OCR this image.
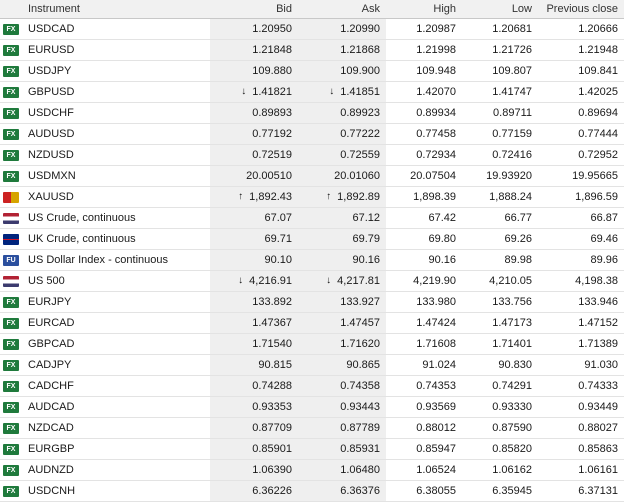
	Instrument	Bid	Ask	High	Low	Previous close
FX	USDCAD	1.20950	1.20990	1.20987	1.20681	1.20666
FX	EURUSD	1.21848	1.21868	1.21998	1.21726	1.21948
FX	USDJPY	109.880	109.900	109.948	109.807	109.841
FX	GBPUSD	↓ 1.41821	↓ 1.41851	1.42070	1.41747	1.42025
FX	USDCHF	0.89893	0.89923	0.89934	0.89711	0.89694
FX	AUDUSD	0.77192	0.77222	0.77458	0.77159	0.77444
FX	NZDUSD	0.72519	0.72559	0.72934	0.72416	0.72952
FX	USDMXN	20.00510	20.01060	20.07504	19.93920	19.95665
	XAUUSD	↑ 1,892.43	↑ 1,892.89	1,898.39	1,888.24	1,896.59
	US Crude, continuous	67.07	67.12	67.42	66.77	66.87
	UK Crude, continuous	69.71	69.79	69.80	69.26	69.46
FU	US Dollar Index - continuous	90.10	90.16	90.16	89.98	89.96
	US 500	↓ 4,216.91	↓ 4,217.81	4,219.90	4,210.05	4,198.38
FX	EURJPY	133.892	133.927	133.980	133.756	133.946
FX	EURCAD	1.47367	1.47457	1.47424	1.47173	1.47152
FX	GBPCAD	1.71540	1.71620	1.71608	1.71401	1.71389
FX	CADJPY	90.815	90.865	91.024	90.830	91.030
FX	CADCHF	0.74288	0.74358	0.74353	0.74291	0.74333
FX	AUDCAD	0.93353	0.93443	0.93569	0.93330	0.93449
FX	NZDCAD	0.87709	0.87789	0.88012	0.87590	0.88027
FX	EURGBP	0.85901	0.85931	0.85947	0.85820	0.85863
FX	AUDNZD	1.06390	1.06480	1.06524	1.06162	1.06161
FX	USDCNH	6.36226	6.36376	6.38055	6.35945	6.37131
